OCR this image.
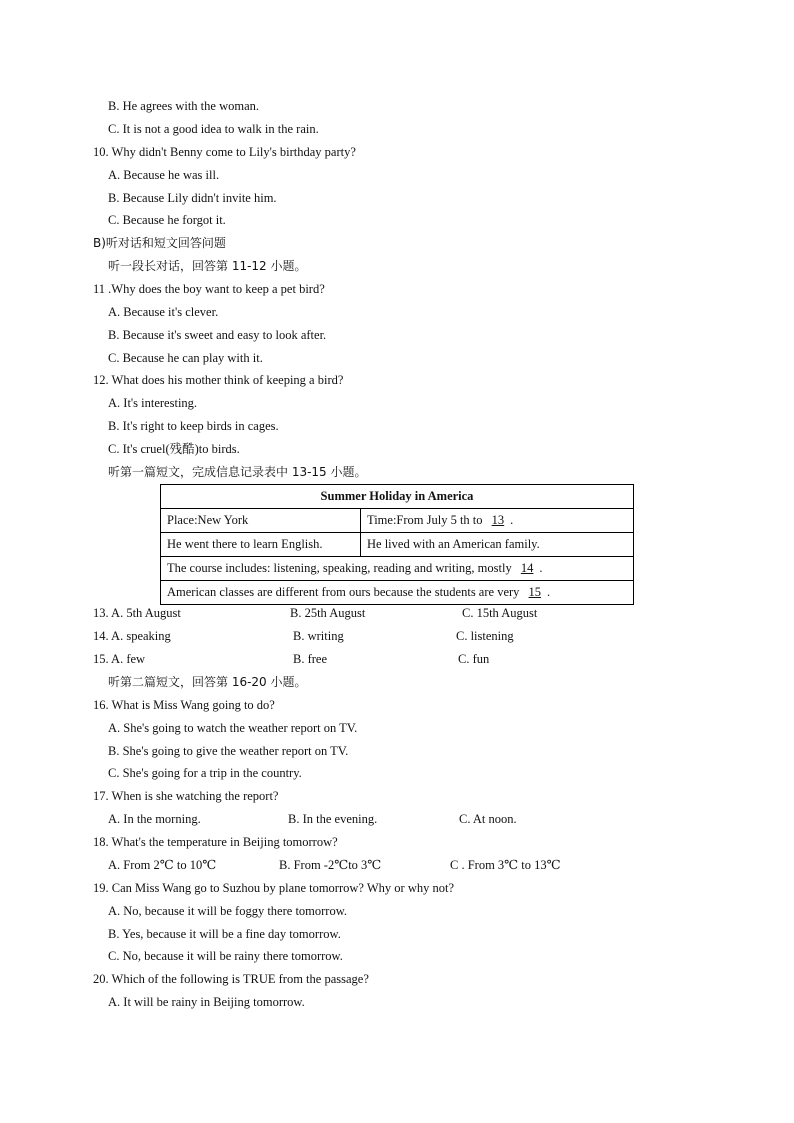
B. He agrees with the woman.
C. It is not a good idea to walk in the rain.
10. Why didn't Benny come to Lily's birthday party?
A. Because he was ill.
B. Because Lily didn't invite him.
C. Because he forgot it.
B)听对话和短文回答问题
听一段长对话，回答第 11-12 小题。
11 .Why does the boy want to keep a pet bird?
A. Because it's clever.
B. Because it's sweet and easy to look after.
C. Because he can play with it.
12. What does his mother think of keeping a bird?
A. It's interesting.
B. It's right to keep birds in cages.
C. It's cruel(残酷)to birds.
听第一篇短文，完成信息记录表中 13-15 小题。
Summer Holiday in America	
Place:New York	Time:From July 5 th to 13 .
He went there to learn English.	He lived with an American family.
The course includes: listening, speaking, reading and writing, mostly 14 .	
American classes are different from ours because the students are very 15 .	
13. A. 5th August	B. 25th August	C. 15th August
14. A. speaking	B. writing	C. listening
15. A. few	B. free	C. fun
听第二篇短文，回答第 16-20 小题。
16. What is Miss Wang going to do?
A. She's going to watch the weather report on TV.
B. She's going to give the weather report on TV.
C. She's going for a trip in the country.
17. When is she watching the report?
A. In the morning.	B. In the evening.	C. At noon.
18. What's the temperature in Beijing tomorrow?
A. From 2℃ to 10℃	B. From -2℃to 3℃	C . From 3℃ to 13℃
19. Can Miss Wang go to Suzhou by plane tomorrow? Why or why not?
A. No, because it will be foggy there tomorrow.
B. Yes, because it will be a fine day tomorrow.
C. No, because it will be rainy there tomorrow.
20. Which of the following is TRUE from the passage?
A. It will be rainy in Beijing tomorrow.
